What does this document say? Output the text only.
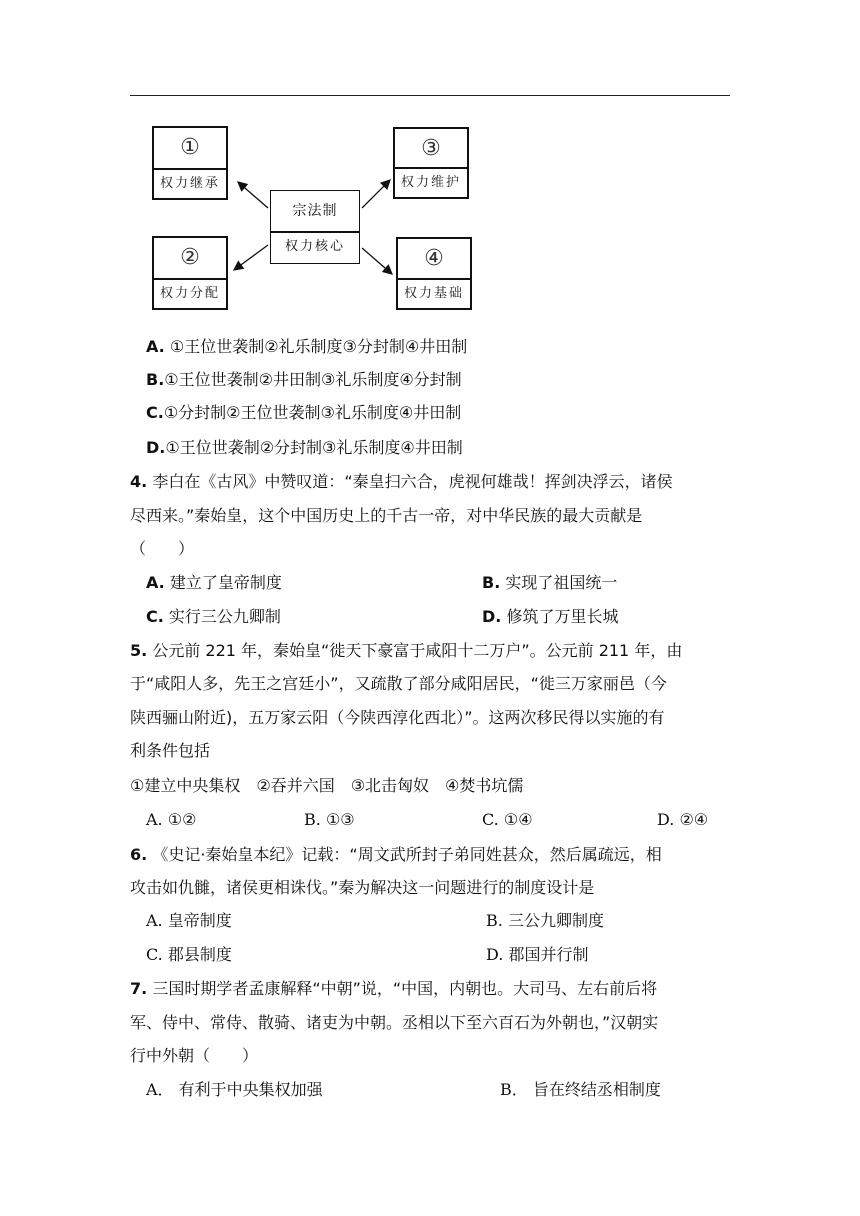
①
权力继承
②
权力分配
③
权力维护
④
权力基础
宗法制
权力核心
A. ①王位世袭制②礼乐制度③分封制④井田制
B.①王位世袭制②井田制③礼乐制度④分封制
C.①分封制②王位世袭制③礼乐制度④井田制
D.①王位世袭制②分封制③礼乐制度④井田制
4. 李白在《古风》中赞叹道：“秦皇扫六合，虎视何雄哉！挥剑决浮云，诸侯
尽西来。”秦始皇，这个中国历史上的千古一帝，对中华民族的最大贡献是
（　　）
A. 建立了皇帝制度	B. 实现了祖国统一
C. 实行三公九卿制	D. 修筑了万里长城
5. 公元前 221 年，秦始皇“徙天下豪富于咸阳十二万户”。公元前 211 年，由
于“咸阳人多，先王之宫廷小”，又疏散了部分咸阳居民，“徙三万家丽邑（今
陕西骊山附近)，五万家云阳（今陕西淳化西北）”。这两次移民得以实施的有
利条件包括
①建立中央集权　②吞并六国　③北击匈奴　④焚书坑儒
A. ①②	B. ①③	C. ①④	D. ②④
6. 《史记·秦始皇本纪》记载：“周文武所封子弟同姓甚众，然后属疏远，相
攻击如仇雠，诸侯更相诛伐。”秦为解决这一问题进行的制度设计是
A. 皇帝制度	B. 三公九卿制度
C. 郡县制度	D. 郡国并行制
7. 三国时期学者孟康解释“中朝”说，“中国，内朝也。大司马、左右前后将
军、侍中、常侍、散骑、诸吏为中朝。丞相以下至六百石为外朝也，”汉朝实
行中外朝（　　）
A． 有利于中央集权加强	B． 旨在终结丞相制度
